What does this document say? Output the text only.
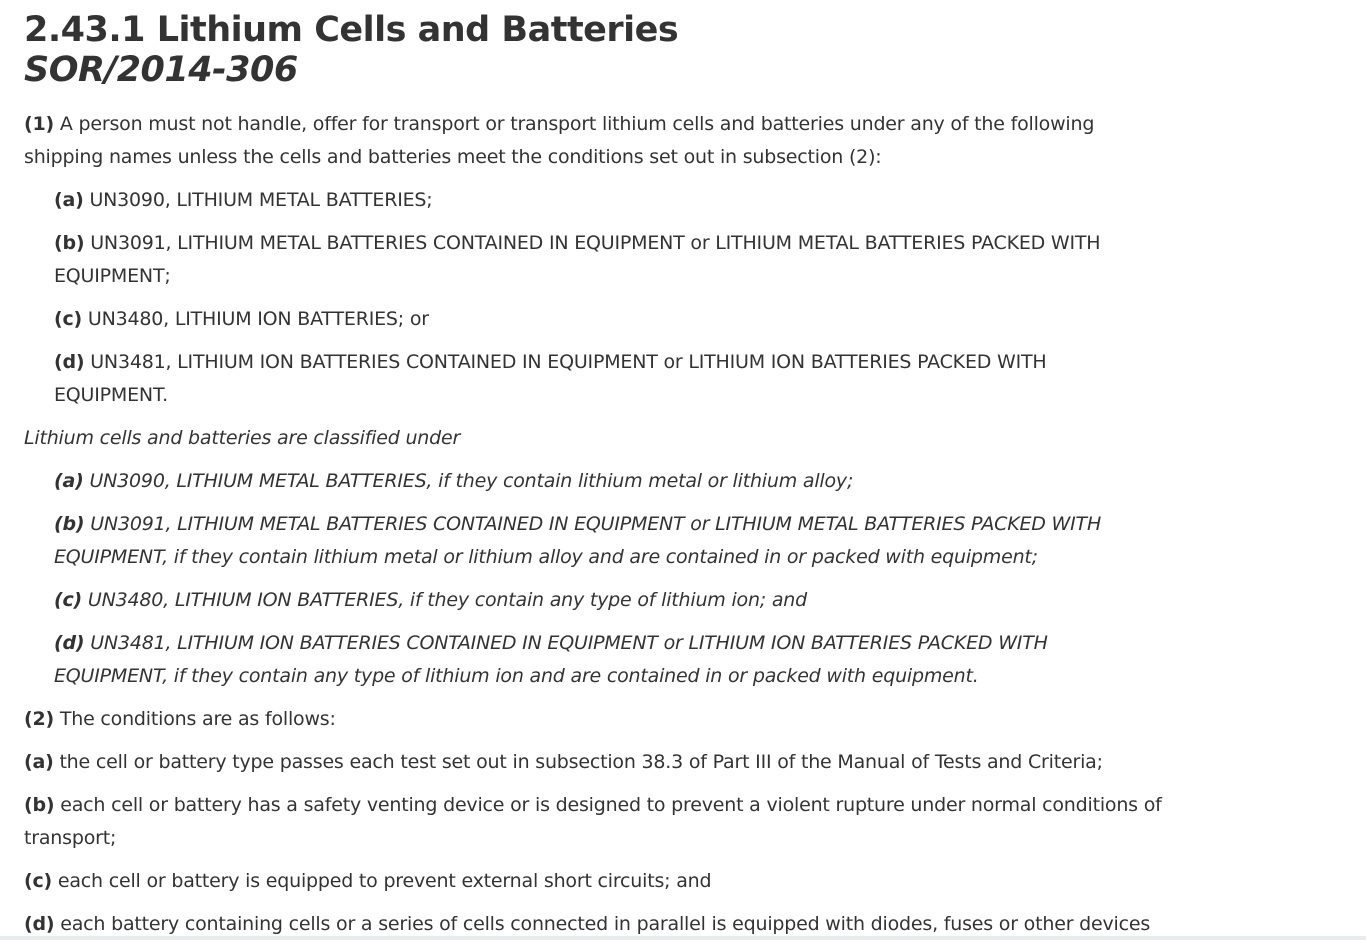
2.43.1 Lithium Cells and Batteries
SOR/2014-306

(1) A person must not handle, offer for transport or transport lithium cells and batteries under any of the following shipping names unless the cells and batteries meet the conditions set out in subsection (2):

(a) UN3090, LITHIUM METAL BATTERIES;

(b) UN3091, LITHIUM METAL BATTERIES CONTAINED IN EQUIPMENT or LITHIUM METAL BATTERIES PACKED WITH EQUIPMENT;

(c) UN3480, LITHIUM ION BATTERIES; or

(d) UN3481, LITHIUM ION BATTERIES CONTAINED IN EQUIPMENT or LITHIUM ION BATTERIES PACKED WITH EQUIPMENT.

Lithium cells and batteries are classified under

(a) UN3090, LITHIUM METAL BATTERIES, if they contain lithium metal or lithium alloy;

(b) UN3091, LITHIUM METAL BATTERIES CONTAINED IN EQUIPMENT or LITHIUM METAL BATTERIES PACKED WITH EQUIPMENT, if they contain lithium metal or lithium alloy and are contained in or packed with equipment;

(c) UN3480, LITHIUM ION BATTERIES, if they contain any type of lithium ion; and

(d) UN3481, LITHIUM ION BATTERIES CONTAINED IN EQUIPMENT or LITHIUM ION BATTERIES PACKED WITH EQUIPMENT, if they contain any type of lithium ion and are contained in or packed with equipment.

(2) The conditions are as follows:

(a) the cell or battery type passes each test set out in subsection 38.3 of Part III of the Manual of Tests and Criteria;

(b) each cell or battery has a safety venting device or is designed to prevent a violent rupture under normal conditions of transport;

(c) each cell or battery is equipped to prevent external short circuits; and

(d) each battery containing cells or a series of cells connected in parallel is equipped with diodes, fuses or other devices
